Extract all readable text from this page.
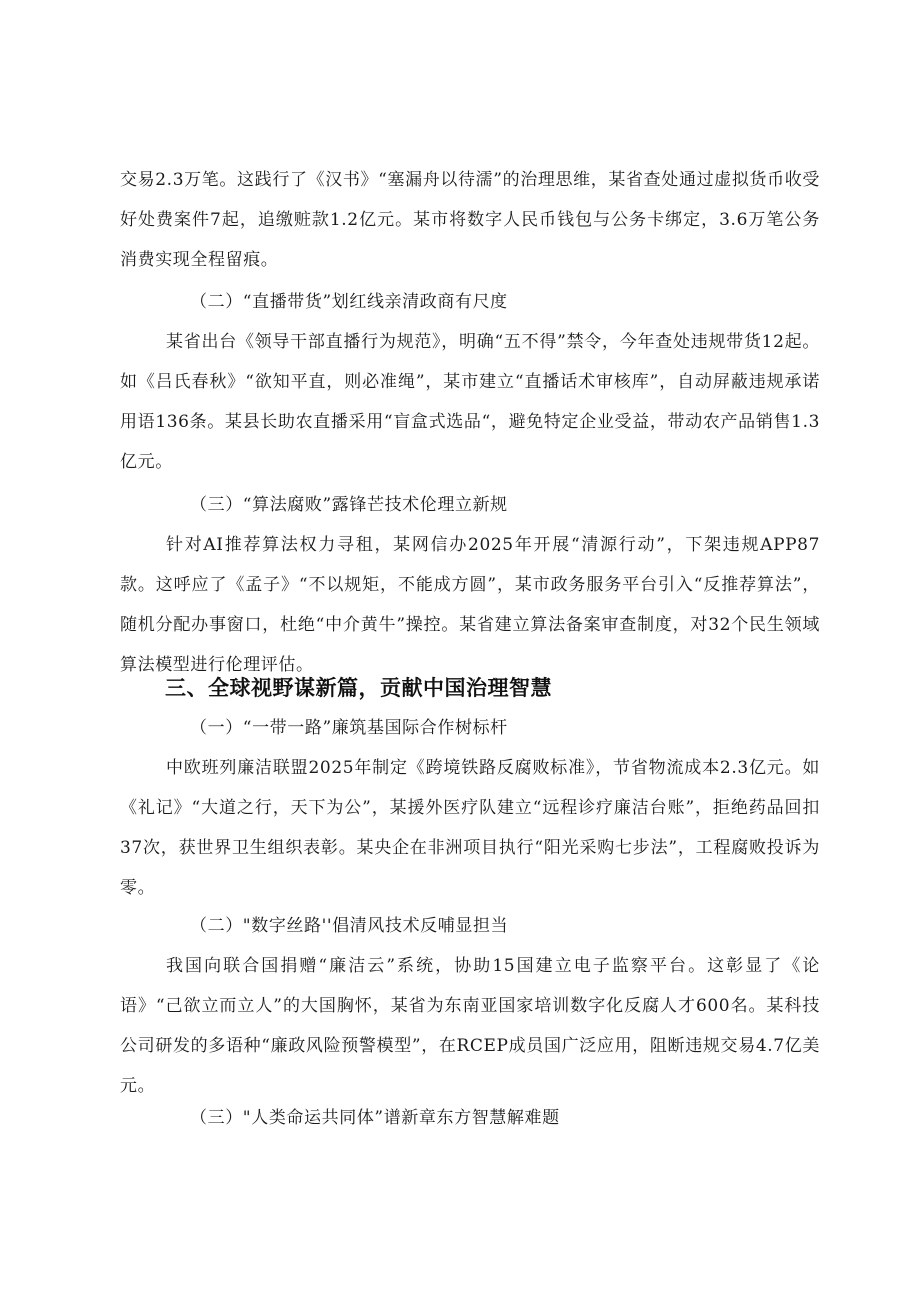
交易2.3万笔。这践行了《汉书》“塞漏舟以待濡”的治理思维，某省查处通过虚拟货币收受好处费案件7起，追缴赃款1.2亿元。某市将数字人民币钱包与公务卡绑定，3.6万笔公务消费实现全程留痕。

（二）“直播带货”划红线亲清政商有尺度

某省出台《领导干部直播行为规范》，明确“五不得”禁令，今年查处违规带货12起。如《吕氏春秋》“欲知平直，则必准绳”，某市建立“直播话术审核库”，自动屏蔽违规承诺用语136条。某县长助农直播采用“盲盒式选品“，避免特定企业受益，带动农产品销售1.3亿元。

（三）“算法腐败”露锋芒技术伦理立新规

针对AI推荐算法权力寻租，某网信办2025年开展“清源行动”，下架违规APP87款。这呼应了《孟子》“不以规矩，不能成方圆”，某市政务服务平台引入“反推荐算法”，随机分配办事窗口，杜绝“中介黄牛”操控。某省建立算法备案审查制度，对32个民生领域算法模型进行伦理评估。

三、全球视野谋新篇，贡献中国治理智慧

（一）“一带一路”廉筑基国际合作树标杆

中欧班列廉洁联盟2025年制定《跨境铁路反腐败标准》，节省物流成本2.3亿元。如《礼记》“大道之行，天下为公”，某援外医疗队建立“远程诊疗廉洁台账”，拒绝药品回扣37次，获世界卫生组织表彰。某央企在非洲项目执行“阳光采购七步法”，工程腐败投诉为零。

（二）"数字丝路''倡清风技术反哺显担当

我国向联合国捐赠“廉洁云”系统，协助15国建立电子监察平台。这彰显了《论语》“己欲立而立人”的大国胸怀，某省为东南亚国家培训数字化反腐人才600名。某科技公司研发的多语种“廉政风险预警模型”，在RCEP成员国广泛应用，阻断违规交易4.7亿美元。

（三）"人类命运共同体”谱新章东方智慧解难题
